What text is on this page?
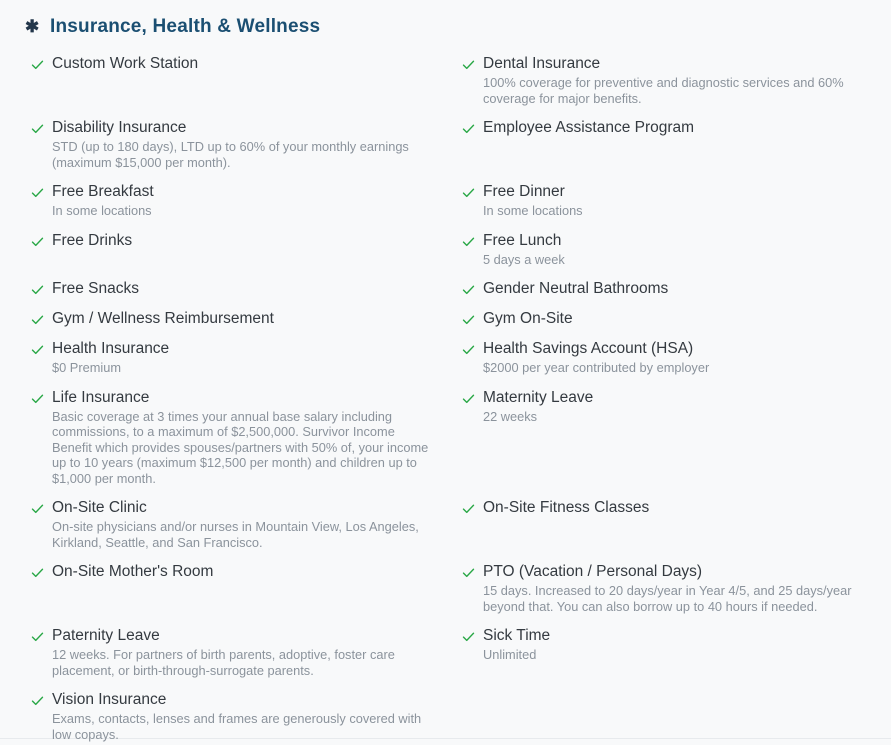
✱ Insurance, Health & Wellness
Custom Work Station	Dental Insurance
100% coverage for preventive and diagnostic services and 60% coverage for major benefits.
Disability Insurance
STD (up to 180 days), LTD up to 60% of your monthly earnings (maximum $15,000 per month).
Employee Assistance Program
Free Breakfast
In some locations
Free Dinner
In some locations
Free Drinks	Free Lunch
5 days a week
Free Snacks	Gender Neutral Bathrooms
Gym / Wellness Reimbursement	Gym On-Site
Health Insurance
$0 Premium
Health Savings Account (HSA)
$2000 per year contributed by employer
Life Insurance
Basic coverage at 3 times your annual base salary including commissions, to a maximum of $2,500,000. Survivor Income Benefit which provides spouses/partners with 50% of, your income up to 10 years (maximum $12,500 per month) and children up to $1,000 per month.
Maternity Leave
22 weeks
On-Site Clinic
On-site physicians and/or nurses in Mountain View, Los Angeles, Kirkland, Seattle, and San Francisco.
On-Site Fitness Classes
On-Site Mother's Room	PTO (Vacation / Personal Days)
15 days. Increased to 20 days/year in Year 4/5, and 25 days/year beyond that. You can also borrow up to 40 hours if needed.
Paternity Leave
12 weeks. For partners of birth parents, adoptive, foster care placement, or birth-through-surrogate parents.
Sick Time
Unlimited
Vision Insurance
Exams, contacts, lenses and frames are generously covered with low copays.
